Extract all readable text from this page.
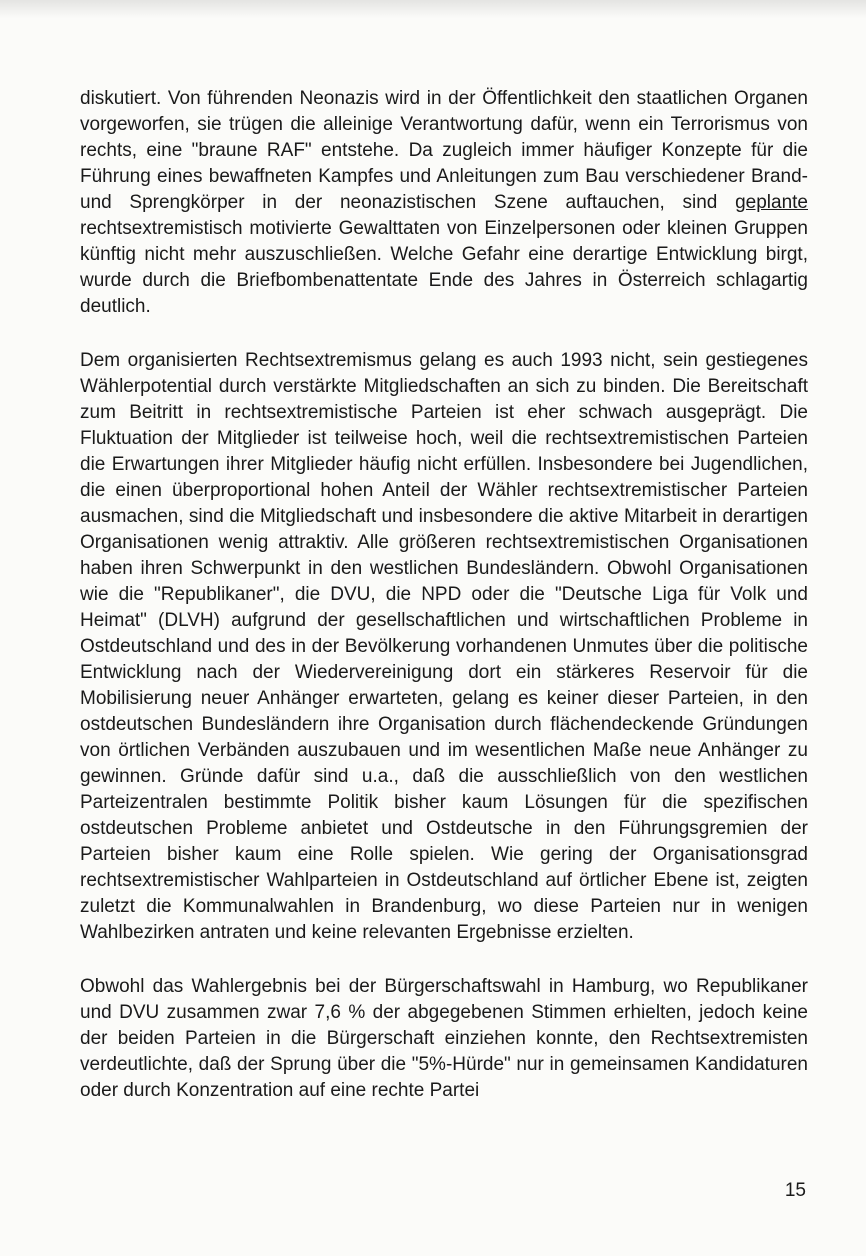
diskutiert. Von führenden Neonazis wird in der Öffentlichkeit den staatlichen Organen vorgeworfen, sie trügen die alleinige Verantwortung dafür, wenn ein Terrorismus von rechts, eine "braune RAF" entstehe. Da zugleich immer häufiger Konzepte für die Führung eines bewaffneten Kampfes und Anleitungen zum Bau verschiedener Brand- und Sprengkörper in der neonazistischen Szene auftauchen, sind geplante rechtsextremistisch motivierte Gewalttaten von Einzelpersonen oder kleinen Gruppen künftig nicht mehr auszuschließen. Welche Gefahr eine derartige Entwicklung birgt, wurde durch die Briefbombenattentate Ende des Jahres in Österreich schlagartig deutlich.

Dem organisierten Rechtsextremismus gelang es auch 1993 nicht, sein gestiegenes Wählerpotential durch verstärkte Mitgliedschaften an sich zu binden. Die Bereitschaft zum Beitritt in rechtsextremistische Parteien ist eher schwach ausgeprägt. Die Fluktuation der Mitglieder ist teilweise hoch, weil die rechtsextremistischen Parteien die Erwartungen ihrer Mitglieder häufig nicht erfüllen. Insbesondere bei Jugendlichen, die einen überproportional hohen Anteil der Wähler rechtsextremistischer Parteien ausmachen, sind die Mitgliedschaft und insbesondere die aktive Mitarbeit in derartigen Organisationen wenig attraktiv. Alle größeren rechtsextremistischen Organisationen haben ihren Schwerpunkt in den westlichen Bundesländern. Obwohl Organisationen wie die "Republikaner", die DVU, die NPD oder die "Deutsche Liga für Volk und Heimat" (DLVH) aufgrund der gesellschaftlichen und wirtschaftlichen Probleme in Ostdeutschland und des in der Bevölkerung vorhandenen Unmutes über die politische Entwicklung nach der Wiedervereinigung dort ein stärkeres Reservoir für die Mobilisierung neuer Anhänger erwarteten, gelang es keiner dieser Parteien, in den ostdeutschen Bundesländern ihre Organisation durch flächendeckende Gründungen von örtlichen Verbänden auszubauen und im wesentlichen Maße neue Anhänger zu gewinnen. Gründe dafür sind u.a., daß die ausschließlich von den westlichen Parteizentralen bestimmte Politik bisher kaum Lösungen für die spezifischen ostdeutschen Probleme anbietet und Ostdeutsche in den Führungsgremien der Parteien bisher kaum eine Rolle spielen. Wie gering der Organisationsgrad rechtsextremistischer Wahlparteien in Ostdeutschland auf örtlicher Ebene ist, zeigten zuletzt die Kommunalwahlen in Brandenburg, wo diese Parteien nur in wenigen Wahlbezirken antraten und keine relevanten Ergebnisse erzielten.

Obwohl das Wahlergebnis bei der Bürgerschaftswahl in Hamburg, wo Republikaner und DVU zusammen zwar 7,6 % der abgegebenen Stimmen erhielten, jedoch keine der beiden Parteien in die Bürgerschaft einziehen konnte, den Rechtsextremisten verdeutlichte, daß der Sprung über die "5%-Hürde" nur in gemeinsamen Kandidaturen oder durch Konzentration auf eine rechte Partei

15
